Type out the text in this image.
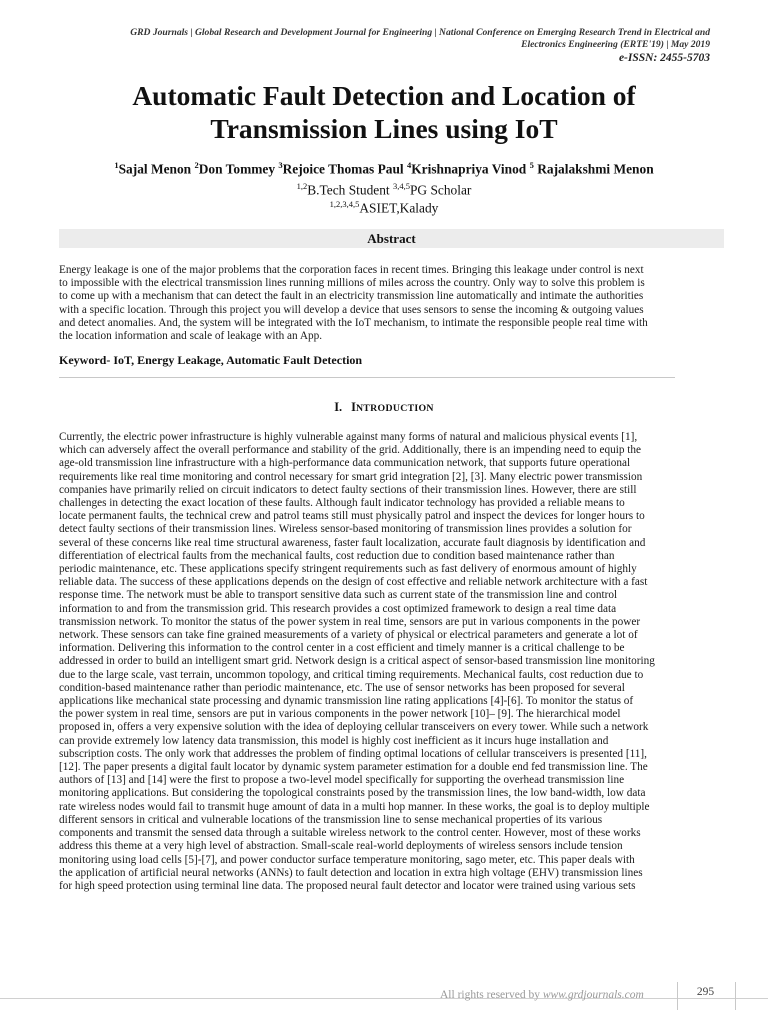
GRD Journals | Global Research and Development Journal for Engineering | National Conference on Emerging Research Trend in Electrical and
Electronics Engineering (ERTE'19) | May 2019
e-ISSN: 2455-5703
Automatic Fault Detection and Location of
Transmission Lines using IoT
$^1$Sajal Menon $^2$Don Tommey $^3$Rejoice Thomas Paul $^4$Krishnapriya Vinod $^5$ Rajalakshmi Menon
$^{1,2}$B.Tech Student $^{3,4,5}$PG Scholar
$^{1,2,3,4,5}$ASIET,Kalady
Abstract
Energy leakage is one of the major problems that the corporation faces in recent times. Bringing this leakage under control is next
to impossible with the electrical transmission lines running millions of miles across the country. Only way to solve this problem is
to come up with a mechanism that can detect the fault in an electricity transmission line automatically and intimate the authorities
with a specific location. Through this project you will develop a device that uses sensors to sense the incoming & outgoing values
and detect anomalies. And, the system will be integrated with the IoT mechanism, to intimate the responsible people real time with
the location information and scale of leakage with an App.
Keyword- IoT, Energy Leakage, Automatic Fault Detection
I. INTRODUCTION
Currently, the electric power infrastructure is highly vulnerable against many forms of natural and malicious physical events [1],
which can adversely affect the overall performance and stability of the grid. Additionally, there is an impending need to equip the
age-old transmission line infrastructure with a high-performance data communication network, that supports future operational
requirements like real time monitoring and control necessary for smart grid integration [2], [3]. Many electric power transmission
companies have primarily relied on circuit indicators to detect faulty sections of their transmission lines. However, there are still
challenges in detecting the exact location of these faults. Although fault indicator technology has provided a reliable means to
locate permanent faults, the technical crew and patrol teams still must physically patrol and inspect the devices for longer hours to
detect faulty sections of their transmission lines. Wireless sensor-based monitoring of transmission lines provides a solution for
several of these concerns like real time structural awareness, faster fault localization, accurate fault diagnosis by identification and
differentiation of electrical faults from the mechanical faults, cost reduction due to condition based maintenance rather than
periodic maintenance, etc. These applications specify stringent requirements such as fast delivery of enormous amount of highly
reliable data. The success of these applications depends on the design of cost effective and reliable network architecture with a fast
response time. The network must be able to transport sensitive data such as current state of the transmission line and control
information to and from the transmission grid. This research provides a cost optimized framework to design a real time data
transmission network. To monitor the status of the power system in real time, sensors are put in various components in the power
network. These sensors can take fine grained measurements of a variety of physical or electrical parameters and generate a lot of
information. Delivering this information to the control center in a cost efficient and timely manner is a critical challenge to be
addressed in order to build an intelligent smart grid. Network design is a critical aspect of sensor-based transmission line monitoring
due to the large scale, vast terrain, uncommon topology, and critical timing requirements. Mechanical faults, cost reduction due to
condition-based maintenance rather than periodic maintenance, etc. The use of sensor networks has been proposed for several
applications like mechanical state processing and dynamic transmission line rating applications [4]-[6]. To monitor the status of
the power system in real time, sensors are put in various components in the power network [10]– [9]. The hierarchical model
proposed in, offers a very expensive solution with the idea of deploying cellular transceivers on every tower. While such a network
can provide extremely low latency data transmission, this model is highly cost inefficient as it incurs huge installation and
subscription costs. The only work that addresses the problem of finding optimal locations of cellular transceivers is presented [11],
[12]. The paper presents a digital fault locator by dynamic system parameter estimation for a double end fed transmission line. The
authors of [13] and [14] were the first to propose a two-level model specifically for supporting the overhead transmission line
monitoring applications. But considering the topological constraints posed by the transmission lines, the low band-width, low data
rate wireless nodes would fail to transmit huge amount of data in a multi hop manner. In these works, the goal is to deploy multiple
different sensors in critical and vulnerable locations of the transmission line to sense mechanical properties of its various
components and transmit the sensed data through a suitable wireless network to the control center. However, most of these works
address this theme at a very high level of abstraction. Small-scale real-world deployments of wireless sensors include tension
monitoring using load cells [5]-[7], and power conductor surface temperature monitoring, sago meter, etc. This paper deals with
the application of artificial neural networks (ANNs) to fault detection and location in extra high voltage (EHV) transmission lines
for high speed protection using terminal line data. The proposed neural fault detector and locator were trained using various sets
All rights reserved by www.grdjournals.com	295
